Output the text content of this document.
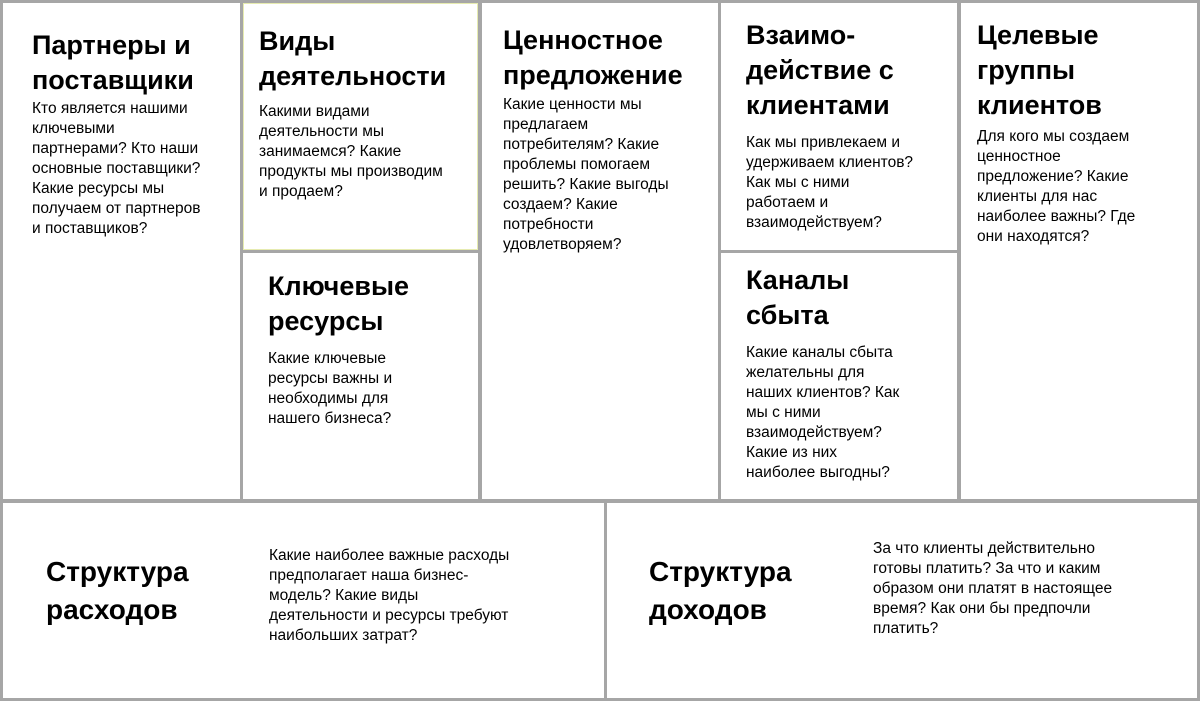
Партнеры и
поставщики

Кто является нашими
ключевыми
партнерами? Кто наши
основные поставщики?
Какие ресурсы мы
получаем от партнеров
и поставщиков?

Виды
деятельности

Какими видами
деятельности мы
занимаемся? Какие
продукты мы производим
и продаем?

Ключевые
ресурсы

Какие ключевые
ресурсы важны и
необходимы для
нашего бизнеса?

Ценностное
предложение

Какие ценности мы
предлагаем
потребителям? Какие
проблемы помогаем
решить? Какие выгоды
создаем? Какие
потребности
удовлетворяем?

Взаимо-
действие с
клиентами

Как мы привлекаем и
удерживаем клиентов?
Как мы с ними
работаем и
взаимодействуем?

Каналы
сбыта

Какие каналы сбыта
желательны для
наших клиентов? Как
мы с ними
взаимодействуем?
Какие из них
наиболее выгодны?

Целевые
группы
клиентов

Для кого мы создаем
ценностное
предложение? Какие
клиенты для нас
наиболее важны? Где
они находятся?

Структура
расходов

Какие наиболее важные расходы
предполагает наша бизнес-
модель? Какие виды
деятельности и ресурсы требуют
наибольших затрат?

Структура
доходов

За что клиенты действительно
готовы платить? За что и каким
образом они платят в настоящее
время? Как они бы предпочли
платить?
